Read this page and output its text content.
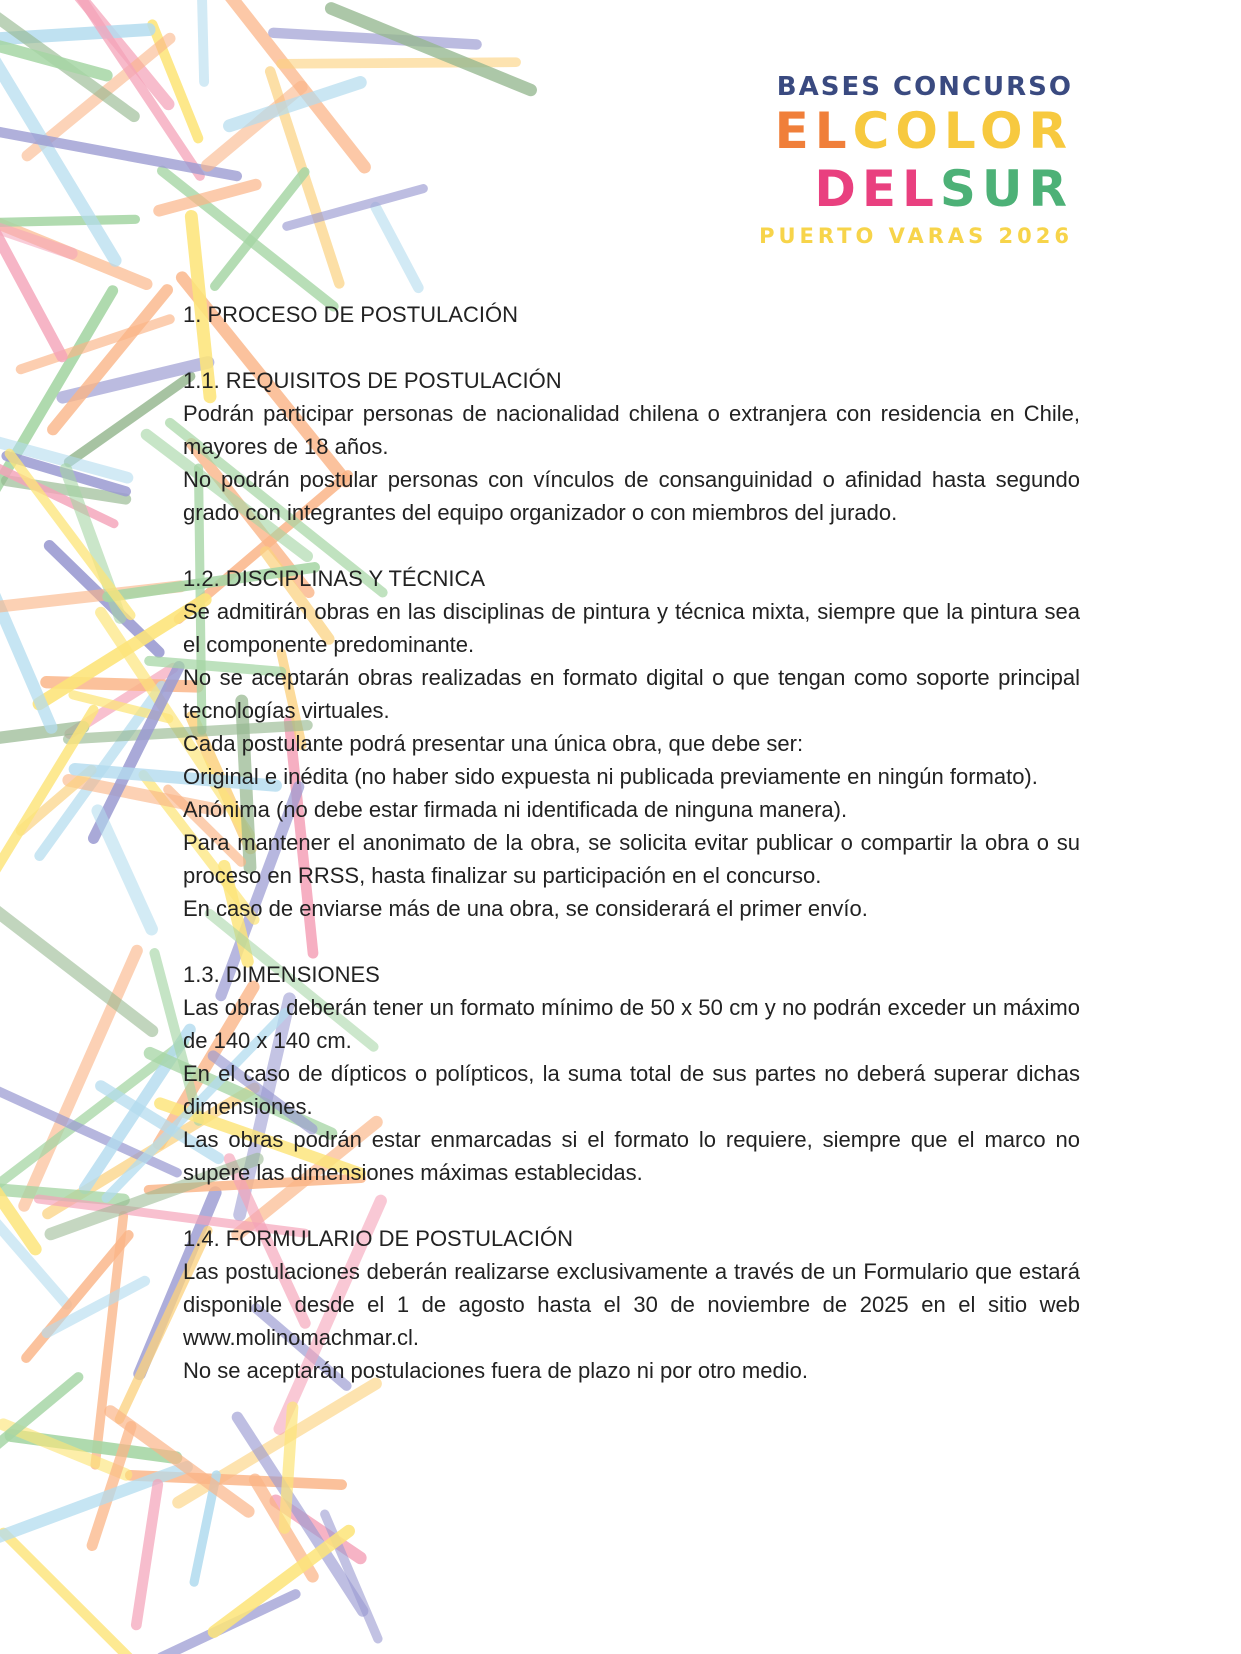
BASES CONCURSO
ELCOLOR
DELSUR
PUERTO VARAS 2026
1. PROCESO DE POSTULACIÓN
1.1. REQUISITOS DE POSTULACIÓN

Podrán participar personas de nacionalidad chilena o extranjera con residencia en Chile, mayores de 18 años.

No podrán postular personas con vínculos de consanguinidad o afinidad hasta segundo grado con integrantes del equipo organizador o con miembros del jurado.

1.2. DISCIPLINAS Y TÉCNICA

Se admitirán obras en las disciplinas de pintura y técnica mixta, siempre que la pintura sea el componente predominante.

No se aceptarán obras realizadas en formato digital o que tengan como soporte principal tecnologías virtuales.

Cada postulante podrá presentar una única obra, que debe ser:

Original e inédita (no haber sido expuesta ni publicada previamente en ningún formato).

Anónima (no debe estar firmada ni identificada de ninguna manera).

Para mantener el anonimato de la obra, se solicita evitar publicar o compartir la obra o su proceso en RRSS, hasta finalizar su participación en el concurso.

En caso de enviarse más de una obra, se considerará el primer envío.

1.3. DIMENSIONES

Las obras deberán tener un formato mínimo de 50 x 50 cm y no podrán exceder un máximo de 140 x 140 cm.

En el caso de dípticos o polípticos, la suma total de sus partes no deberá superar dichas dimensiones.

Las obras podrán estar enmarcadas si el formato lo requiere, siempre que el marco no supere las dimensiones máximas establecidas.

1.4. FORMULARIO DE POSTULACIÓN

Las postulaciones deberán realizarse exclusivamente a través de un Formulario que estará disponible desde el 1 de agosto hasta el 30 de noviembre de 2025 en el sitio web www.molinomachmar.cl.

No se aceptarán postulaciones fuera de plazo ni por otro medio.
